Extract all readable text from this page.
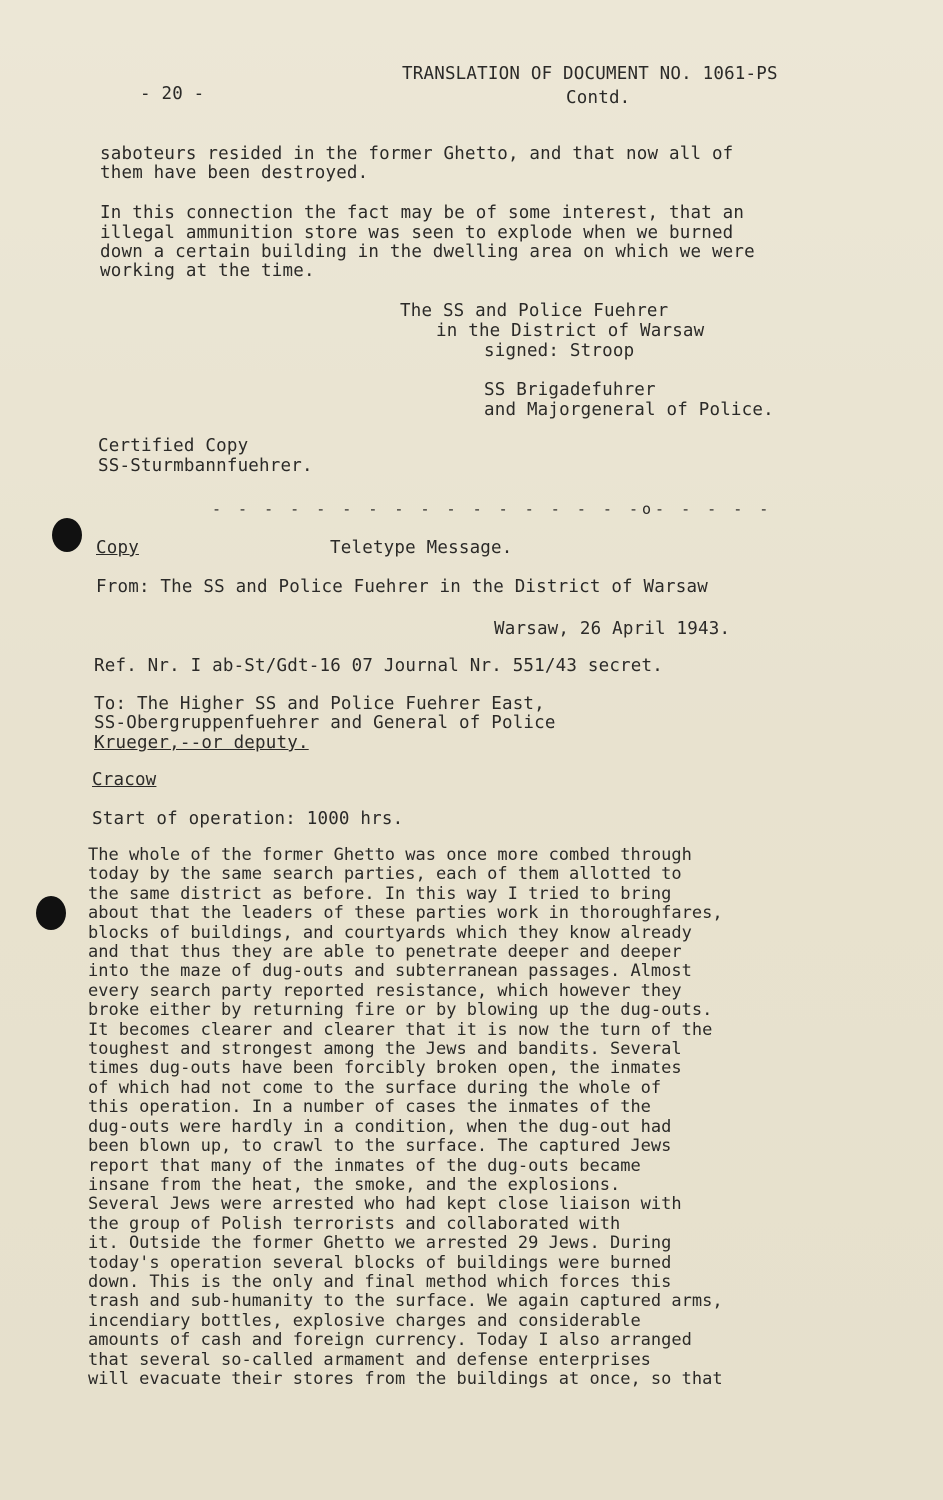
- 20 -
TRANSLATION OF DOCUMENT NO. 1061-PS
Contd.
saboteurs resided in the former Ghetto, and that now all of
them have been destroyed.
In this connection the fact may be of some interest, that an
illegal ammunition store was seen to explode when we burned
down a certain building in the dwelling area on which we were
working at the time.
The SS and Police Fuehrer
in the District of Warsaw
signed: Stroop
SS Brigadefuhrer
and Majorgeneral of Police.
Certified Copy
SS-Sturmbannfuehrer.
- - - - - - - - - - - - - - - - -o- - - - -
Copy	Teletype Message.
From: The SS and Police Fuehrer in the District of Warsaw
Warsaw, 26 April 1943.
Ref. Nr. I ab-St/Gdt-16 07 Journal Nr. 551/43 secret.
To: The Higher SS and Police Fuehrer East,
SS-Obergruppenfuehrer and General of Police
Krueger,--or deputy.
Cracow
Start of operation: 1000 hrs.
The whole of the former Ghetto was once more combed through
today by the same search parties, each of them allotted to
the same district as before. In this way I tried to bring
about that the leaders of these parties work in thoroughfares,
blocks of buildings, and courtyards which they know already
and that thus they are able to penetrate deeper and deeper
into the maze of dug-outs and subterranean passages. Almost
every search party reported resistance, which however they
broke either by returning fire or by blowing up the dug-outs.
It becomes clearer and clearer that it is now the turn of the
toughest and strongest among the Jews and bandits. Several
times dug-outs have been forcibly broken open, the inmates
of which had not come to the surface during the whole of
this operation. In a number of cases the inmates of the
dug-outs were hardly in a condition, when the dug-out had
been blown up, to crawl to the surface. The captured Jews
report that many of the inmates of the dug-outs became
insane from the heat, the smoke, and the explosions.
Several Jews were arrested who had kept close liaison with
the group of Polish terrorists and collaborated with
it. Outside the former Ghetto we arrested 29 Jews. During
today's operation several blocks of buildings were burned
down. This is the only and final method which forces this
trash and sub-humanity to the surface. We again captured arms,
incendiary bottles, explosive charges and considerable
amounts of cash and foreign currency. Today I also arranged
that several so-called armament and defense enterprises
will evacuate their stores from the buildings at once, so that
